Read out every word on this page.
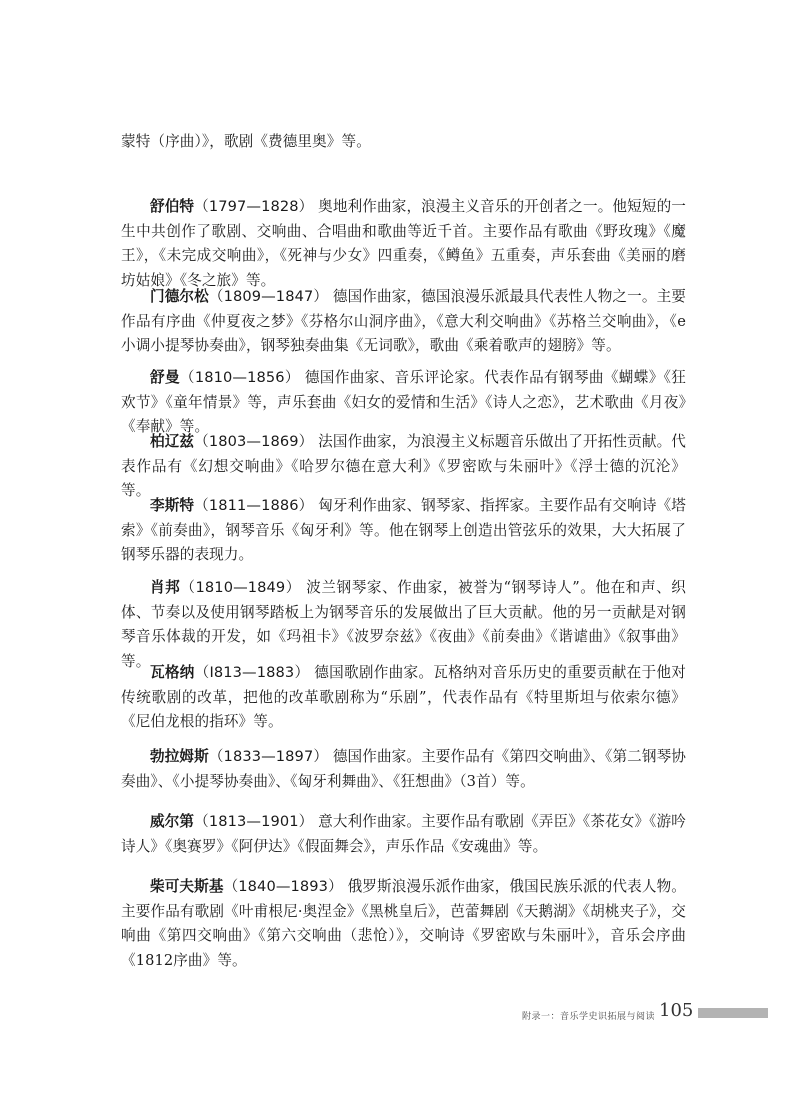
蒙特（序曲）》，歌剧《费德里奥》等。

舒伯特（1797—1828） 奥地利作曲家，浪漫主义音乐的开创者之一。他短短的一生中共创作了歌剧、交响曲、合唱曲和歌曲等近千首。主要作品有歌曲《野玫瑰》《魔王》，《未完成交响曲》，《死神与少女》四重奏，《鳟鱼》五重奏，声乐套曲《美丽的磨坊姑娘》《冬之旅》等。

门德尔松（1809—1847） 德国作曲家，德国浪漫乐派最具代表性人物之一。主要作品有序曲《仲夏夜之梦》《芬格尔山洞序曲》，《意大利交响曲》《苏格兰交响曲》，《e小调小提琴协奏曲》，钢琴独奏曲集《无词歌》，歌曲《乘着歌声的翅膀》等。

舒曼（1810—1856） 德国作曲家、音乐评论家。代表作品有钢琴曲《蝴蝶》《狂欢节》《童年情景》等，声乐套曲《妇女的爱情和生活》《诗人之恋》，艺术歌曲《月夜》《奉献》等。

柏辽兹（1803—1869） 法国作曲家，为浪漫主义标题音乐做出了开拓性贡献。代表作品有《幻想交响曲》《哈罗尔德在意大利》《罗密欧与朱丽叶》《浮士德的沉沦》等。

李斯特（1811—1886） 匈牙利作曲家、钢琴家、指挥家。主要作品有交响诗《塔索》《前奏曲》，钢琴音乐《匈牙利》等。他在钢琴上创造出管弦乐的效果，大大拓展了钢琴乐器的表现力。

肖邦（1810—1849） 波兰钢琴家、作曲家，被誉为“钢琴诗人”。他在和声、织体、节奏以及使用钢琴踏板上为钢琴音乐的发展做出了巨大贡献。他的另一贡献是对钢琴音乐体裁的开发，如《玛祖卡》《波罗奈兹》《夜曲》《前奏曲》《谐谑曲》《叙事曲》等。

瓦格纳（I813—1883） 德国歌剧作曲家。瓦格纳对音乐历史的重要贡献在于他对传统歌剧的改革，把他的改革歌剧称为“乐剧”，代表作品有《特里斯坦与依索尔德》《尼伯龙根的指环》等。

勃拉姆斯（1833—1897） 德国作曲家。主要作品有《第四交响曲》、《第二钢琴协奏曲》、《小提琴协奏曲》、《匈牙利舞曲》、《狂想曲》（3首）等。

威尔第（1813—1901） 意大利作曲家。主要作品有歌剧《弄臣》《茶花女》《游吟诗人》《奥赛罗》《阿伊达》《假面舞会》，声乐作品《安魂曲》等。

柴可夫斯基（1840—1893） 俄罗斯浪漫乐派作曲家，俄国民族乐派的代表人物。主要作品有歌剧《叶甫根尼·奥涅金》《黑桃皇后》，芭蕾舞剧《天鹅湖》《胡桃夹子》，交响曲《第四交响曲》《第六交响曲（悲怆）》，交响诗《罗密欧与朱丽叶》，音乐会序曲《1812序曲》等。

附录一：音乐学史识拓展与阅读 105
